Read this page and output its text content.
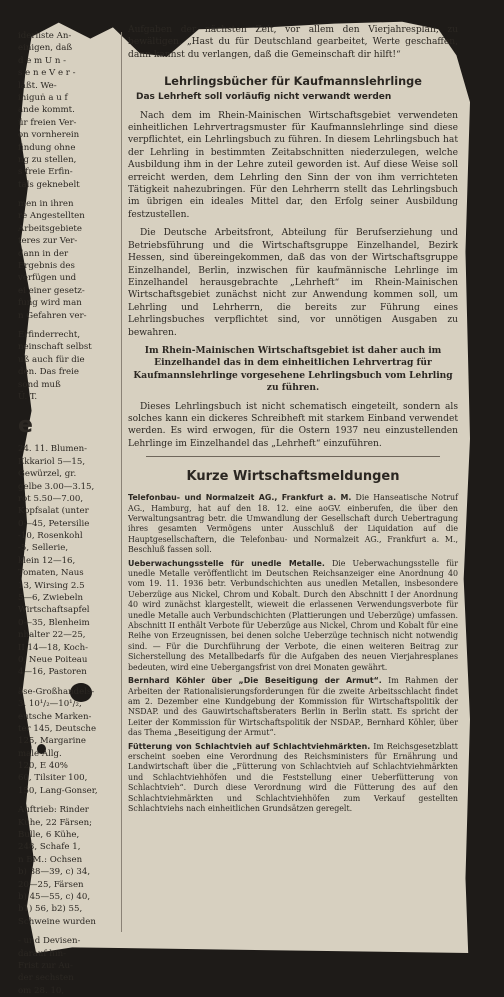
iderliste An-
einigen, daß
d e m U n -
s e n e V e r -
läßt. We-
iniguṅ a u f
ande kommt.
ür freien Ver-
on vornherein
findung ohne
ng zu stellen,
s freie Erfin-
tals geknebelt
men in ihren
re Angestellten
Arbeitsgebiete
teres zur Ver-
dann in der
Ergebnis des
verfügen und
ei einer gesetz-
fung wird man
n Gefahren ver-
Erfinderrecht,
neinschaft selbst
uß auch für die
den. Das freie
sond muß
Ü. T.
e
24. 11. Blumen-
Ekkariol 5—15,
Gewürzel, gr.
gelbe 3.00—3.15,
rot 5.50—7.00,
Kopfsalat (unter
0—45, Petersilie
-10, Rosenkohl
-5, Sellerie,
klein 12—16,
Tomaten, Naus
13, Wirsing 2.5
5—6, Zwiebeln
Wirtschaftsapfel
0—35, Blenheim
nhalter 22—25,
II 14—18, Koch-
0, Neue Poiteau
4—16, Pastoren
äse-Großhandels-
3, 10¹/₂—10¹/₂,
eutsche Marken-
ter 145, Deutsche
125, Margarine
male Allg.
120, E 40%
60, Tilsiter 100,
150, Lang-Gonser,
Auftrieb: Rinder
Kühe, 22 Färsen;
Bulle, 6 Kühe,
248, Schafe 1,
n BM.: Ochsen
b) 38—39, c) 34,
20—25, Färsen
b) 45—55, c) 40,
b1) 56, b2) 55,
Schweine wurden
- und Devisen-
darauf hin-
Frist zur Au-
der sechsten
om 28. 10,
Aufgaben der nächsten Zeit, vor allem den Vierjahresplan, zu bewältigen. „Hast du für Deutschland gearbeitet, Werte geschaffen, dann kannst du verlangen, daß die Gemeinschaft dir hilft!“
Lehrlingsbücher für Kaufmannslehrlinge
Das Lehrheft soll vorläufig nicht verwandt werden
Nach dem im Rhein-Mainischen Wirtschaftsgebiet verwendeten einheitlichen Lehrvertragsmuster für Kaufmannslehrlinge sind diese verpflichtet, ein Lehrlingsbuch zu führen. In diesem Lehrlingsbuch hat der Lehrling in bestimmten Zeitabschnitten niederzulegen, welche Ausbildung ihm in der Lehre zuteil geworden ist. Auf diese Weise soll erreicht werden, dem Lehrling den Sinn der von ihm verrichteten Tätigkeit nahezubringen. Für den Lehrherrn stellt das Lehrlingsbuch im übrigen ein ideales Mittel dar, den Erfolg seiner Ausbildung festzustellen.
Die Deutsche Arbeitsfront, Abteilung für Berufserziehung und Betriebsführung und die Wirtschaftsgruppe Einzelhandel, Bezirk Hessen, sind übereingekommen, daß das von der Wirtschaftsgruppe Einzelhandel, Berlin, inzwischen für kaufmännische Lehrlinge im Einzelhandel herausgebrachte „Lehrheft“ im Rhein-Mainischen Wirtschaftsgebiet zunächst nicht zur Anwendung kommen soll, um Lehrling und Lehrherrn, die bereits zur Führung eines Lehrlingsbuches verpflichtet sind, vor unnötigen Ausgaben zu bewahren.
Im Rhein-Mainischen Wirtschaftsgebiet ist daher auch im Einzelhandel das in dem einheitlichen Lehrvertrag für Kaufmannslehrlinge vorgesehene Lehrlingsbuch vom Lehrling zu führen.
Dieses Lehrlingsbuch ist nicht schematisch eingeteilt, sondern als solches kann ein dickeres Schreibheft mit starkem Einband verwendet werden. Es wird erwogen, für die Ostern 1937 neu einzustellenden Lehrlinge im Einzelhandel das „Lehrheft“ einzuführen.
Kurze Wirtschaftsmeldungen
Telefonbau- und Normalzeit AG., Frankfurt a. M. Die Hanseatische Notruf AG., Hamburg, hat auf den 18. 12. eine aoGV. einberufen, die über den Verwaltungsantrag betr. die Umwandlung der Gesellschaft durch Uebertragung ihres gesamten Vermögens unter Ausschluß der Liquidation auf die Hauptgesellschaftern, die Telefonbau- und Normalzeit AG., Frankfurt a. M., Beschluß fassen soll.
Ueberwachungsstelle für unedle Metalle. Die Ueberwachungsstelle für unedle Metalle veröffentlicht im Deutschen Reichsanzeiger eine Anordnung 40 vom 19. 11. 1936 betr. Verbundschichten aus unedlen Metallen, insbesondere Ueberzüge aus Nickel, Chrom und Kobalt. Durch den Abschnitt I der Anordnung 40 wird zunächst klargestellt, wieweit die erlassenen Verwendungsverbote für unedle Metalle auch Verbundschichten (Plattierungen und Ueberzüge) umfassen. Abschnitt II enthält Verbote für Ueberzüge aus Nickel, Chrom und Kobalt für eine Reihe von Erzeugnissen, bei denen solche Ueberzüge technisch nicht notwendig sind. — Für die Durchführung der Verbote, die einen weiteren Beitrag zur Sicherstellung des Metallbedarfs für die Aufgaben des neuen Vierjahresplanes bedeuten, wird eine Uebergangsfrist von drei Monaten gewährt.
Bernhard Köhler über „Die Beseitigung der Armut“. Im Rahmen der Arbeiten der Rationalisierungsforderungen für die zweite Arbeitsschlacht findet am 2. Dezember eine Kundgebung der Kommission für Wirtschaftspolitik der NSDAP. und des Gauwirtschaftsberaters Berlin in Berlin statt. Es spricht der Leiter der Kommission für Wirtschaftspolitik der NSDAP., Bernhard Köhler, über das Thema „Beseitigung der Armut“.
Fütterung von Schlachtvieh auf Schlachtviehmärkten. Im Reichsgesetzblatt erscheint soeben eine Verordnung des Reichsministers für Ernährung und Landwirtschaft über die „Fütterung von Schlachtvieh auf Schlachtviehmärkten und Schlachtviehhöfen und die Feststellung einer Ueberfütterung von Schlachtvieh“. Durch diese Verordnung wird die Fütterung des auf den Schlachtviehmärkten und Schlachtviehhöfen zum Verkauf gestellten Schlachtviehs nach einheitlichen Grundsätzen geregelt.
